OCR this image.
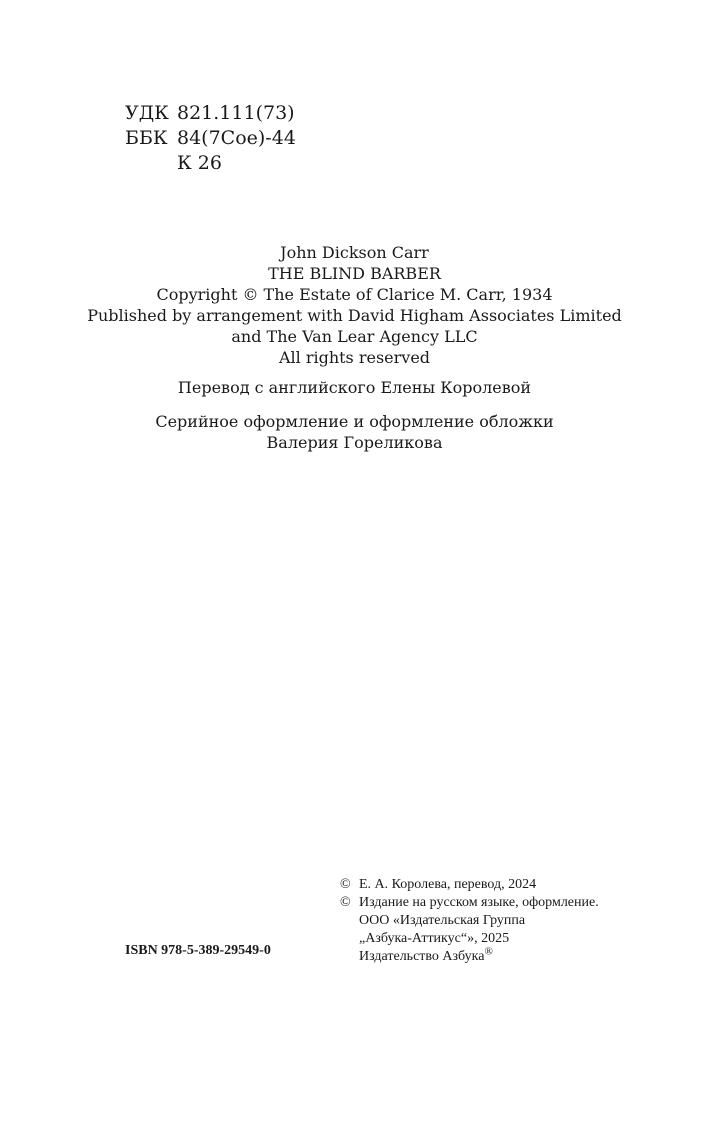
УДК 821.111(73)
ББК 84(7Сое)-44
К 26
John Dickson Carr
THE BLIND BARBER
Copyright © The Estate of Clarice M. Carr, 1934
Published by arrangement with David Higham Associates Limited
and The Van Lear Agency LLC
All rights reserved
Перевод с английского Елены Королевой
Серийное оформление и оформление обложки
Валерия Гореликова
ISBN 978-5-389-29549-0
© Е. А. Королева, перевод, 2024
© Издание на русском языке, оформление.
ООО «Издательская Группа
„Азбука-Аттикус“», 2025
Издательство Азбука®
